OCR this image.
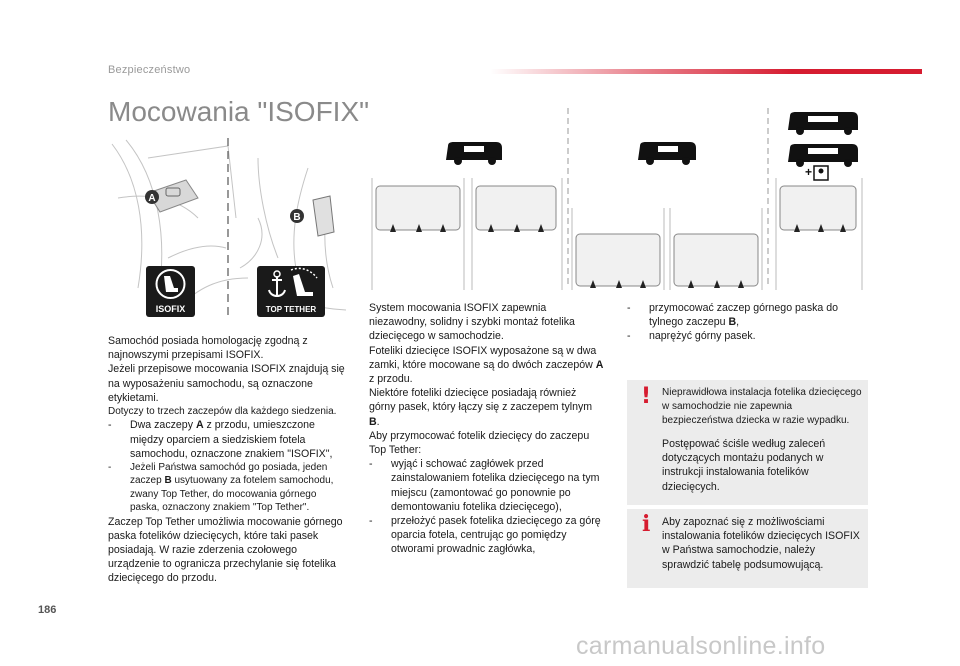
Bezpieczeństwo
Mocowania "ISOFIX"
A
B
ISOFIX	TOP TETHER
+

Samochód posiada homologację zgodną z najnowszymi przepisami ISOFIX.

Jeżeli przepisowe mocowania ISOFIX znajdują się na wyposażeniu samochodu, są oznaczone etykietami.

Dotyczy to trzech zaczepów dla każdego siedzenia.

- Dwa zaczepy A z przodu, umieszczone między oparciem a siedziskiem fotela samochodu, oznaczone znakiem "ISOFIX",
- Jeżeli Państwa samochód go posiada, jeden zaczep B usytuowany za fotelem samochodu, zwany Top Tether, do mocowania górnego paska, oznaczony znakiem "Top Tether".

Zaczep Top Tether umożliwia mocowanie górnego paska fotelików dziecięcych, które taki pasek posiadają. W razie zderzenia czołowego urządzenie to ogranicza przechylanie się fotelika dziecięcego do przodu.

System mocowania ISOFIX zapewnia niezawodny, solidny i szybki montaż fotelika dziecięcego w samochodzie.

Foteliki dziecięce ISOFIX wyposażone są w dwa zamki, które mocowane są do dwóch zaczepów A z przodu.

Niektóre foteliki dziecięce posiadają również górny pasek, który łączy się z zaczepem tylnym B.

Aby przymocować fotelik dziecięcy do zaczepu Top Tether:

- wyjąć i schować zagłówek przed zainstalowaniem fotelika dziecięcego na tym miejscu (zamontować go ponownie po demontowaniu fotelika dziecięcego),
- przełożyć pasek fotelika dziecięcego za górę oparcia fotela, centrując go pomiędzy otworami prowadnic zagłówka,
- przymocować zaczep górnego paska do tylnego zaczepu B,
- naprężyć górny pasek.
! Nieprawidłowa instalacja fotelika dziecięcego w samochodzie nie zapewnia bezpieczeństwa dziecka w razie wypadku.

Postępować ściśle według zaleceń dotyczących montażu podanych w instrukcji instalowania fotelików dziecięcych.

i Aby zapoznać się z możliwościami instalowania fotelików dziecięcych ISOFIX w Państwa samochodzie, należy sprawdzić tabelę podsumowującą.

186
carmanualsonline.info
